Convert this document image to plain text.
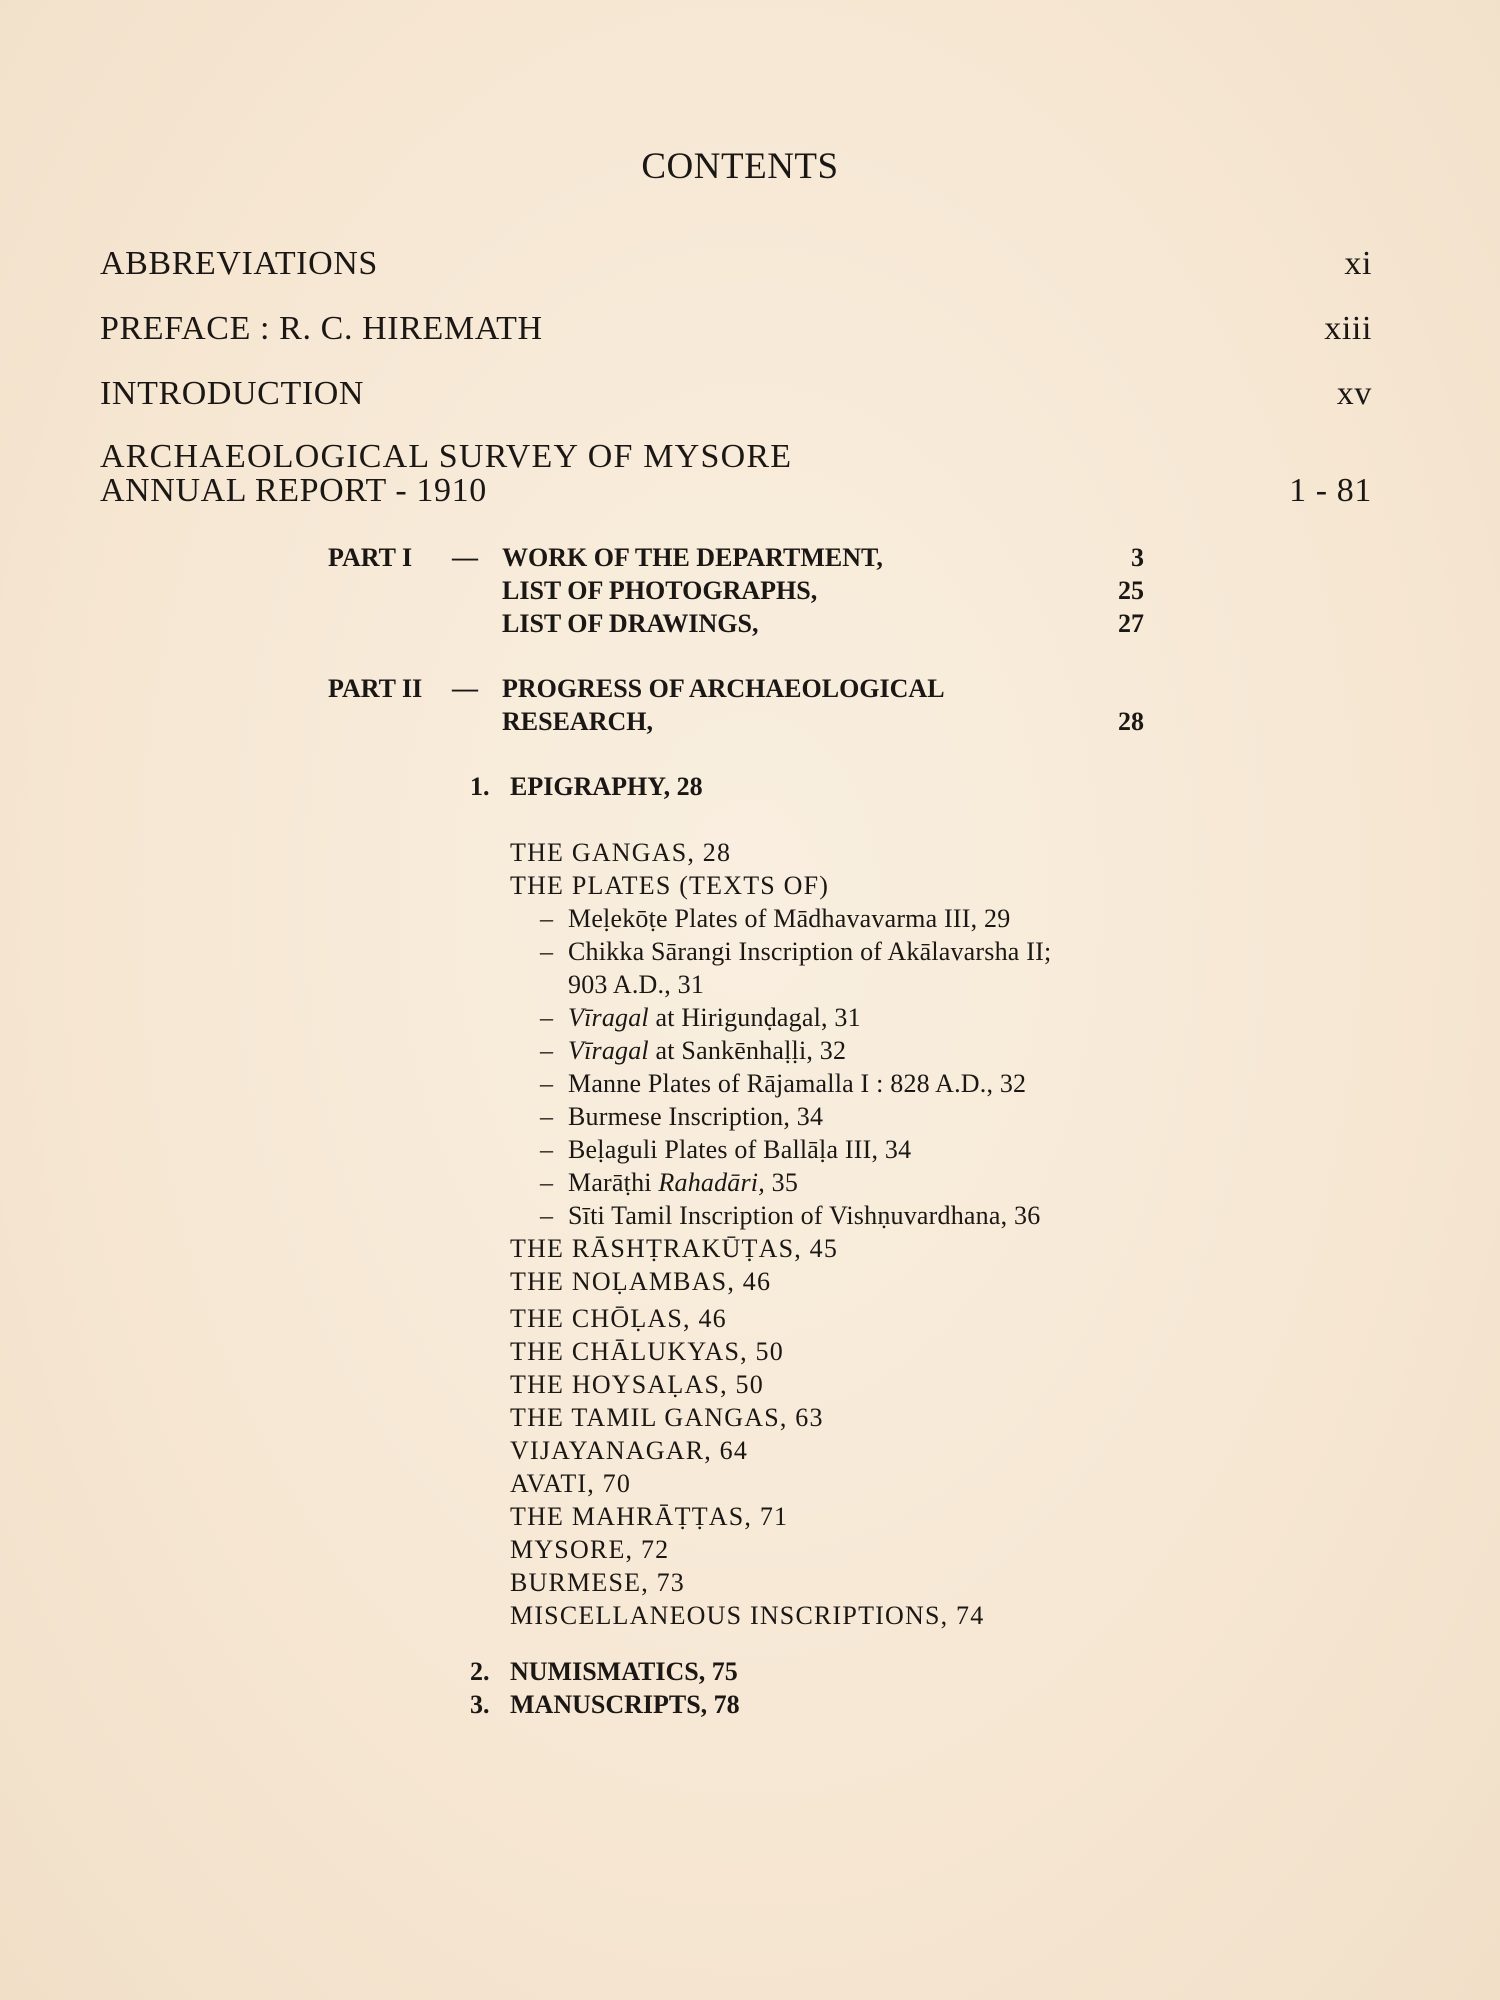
CONTENTS
ABBREVIATIONS	xi
PREFACE : R. C. HIREMATH	xiii
INTRODUCTION	xv
ARCHAEOLOGICAL SURVEY OF MYSORE
ANNUAL REPORT - 1910	1 - 81
PART I	— WORK OF THE DEPARTMENT,	3
LIST OF PHOTOGRAPHS,	25
LIST OF DRAWINGS,	27
PART II	— PROGRESS OF ARCHAEOLOGICAL
RESEARCH,	28
1. EPIGRAPHY, 28
THE GANGAS, 28
THE PLATES (TEXTS OF)
– Meḷekōṭe Plates of Mādhavavarma III, 29
– Chikka Sārangi Inscription of Akālavarsha II;
903 A.D., 31
– Vīragal at Hirigunḍagal, 31
– Vīragal at Sankēnhaḷḷi, 32
– Manne Plates of Rājamalla I : 828 A.D., 32
– Burmese Inscription, 34
– Beḷaguli Plates of Ballāḷa III, 34
– Marāṭhi Rahadāri, 35
– Sīti Tamil Inscription of Vishṇuvardhana, 36
THE RĀSHṬRAKŪṬAS, 45
THE NOḶAMBAS, 46
THE CHŌḶAS, 46
THE CHĀLUKYAS, 50
THE HOYSAḶAS, 50
THE TAMIL GANGAS, 63
VIJAYANAGAR, 64
AVATI, 70
THE MAHRĀṬṬAS, 71
MYSORE, 72
BURMESE, 73
MISCELLANEOUS INSCRIPTIONS, 74
2. NUMISMATICS, 75
3. MANUSCRIPTS, 78
